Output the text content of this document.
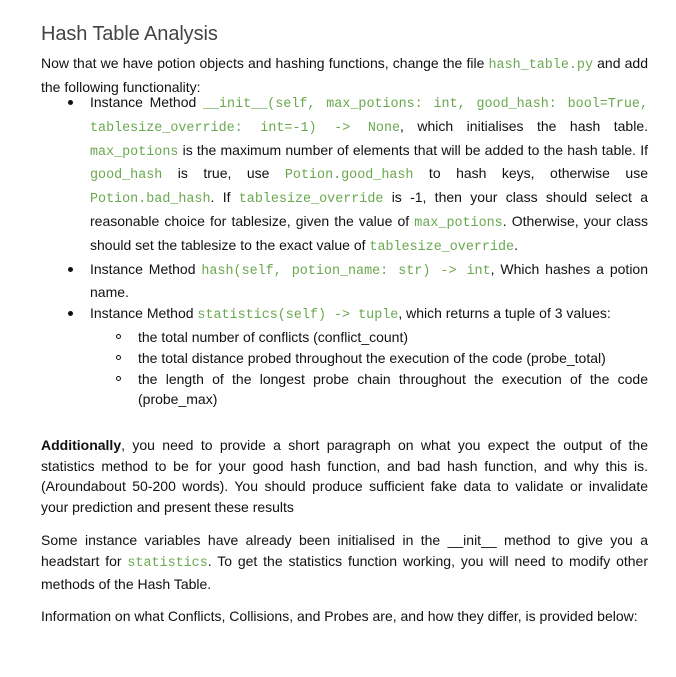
Hash Table Analysis

Now that we have potion objects and hashing functions, change the file hash_table.py and add the following functionality:

Instance Method __init__(self, max_potions: int, good_hash: bool=True, tablesize_override: int=-1) -> None, which initialises the hash table. max_potions is the maximum number of elements that will be added to the hash table. If good_hash is true, use Potion.good_hash to hash keys, otherwise use Potion.bad_hash. If tablesize_override is -1, then your class should select a reasonable choice for tablesize, given the value of max_potions. Otherwise, your class should set the tablesize to the exact value of tablesize_override.
Instance Method hash(self, potion_name: str) -> int, Which hashes a potion name.
Instance Method statistics(self) -> tuple, which returns a tuple of 3 values:
the total number of conflicts (conflict_count)
the total distance probed throughout the execution of the code (probe_total)
the length of the longest probe chain throughout the execution of the code (probe_max)

Additionally, you need to provide a short paragraph on what you expect the output of the statistics method to be for your good hash function, and bad hash function, and why this is. (Aroundabout 50-200 words). You should produce sufficient fake data to validate or invalidate your prediction and present these results

Some instance variables have already been initialised in the __init__ method to give you a headstart for statistics. To get the statistics function working, you will need to modify other methods of the Hash Table.

Information on what Conflicts, Collisions, and Probes are, and how they differ, is provided below:
